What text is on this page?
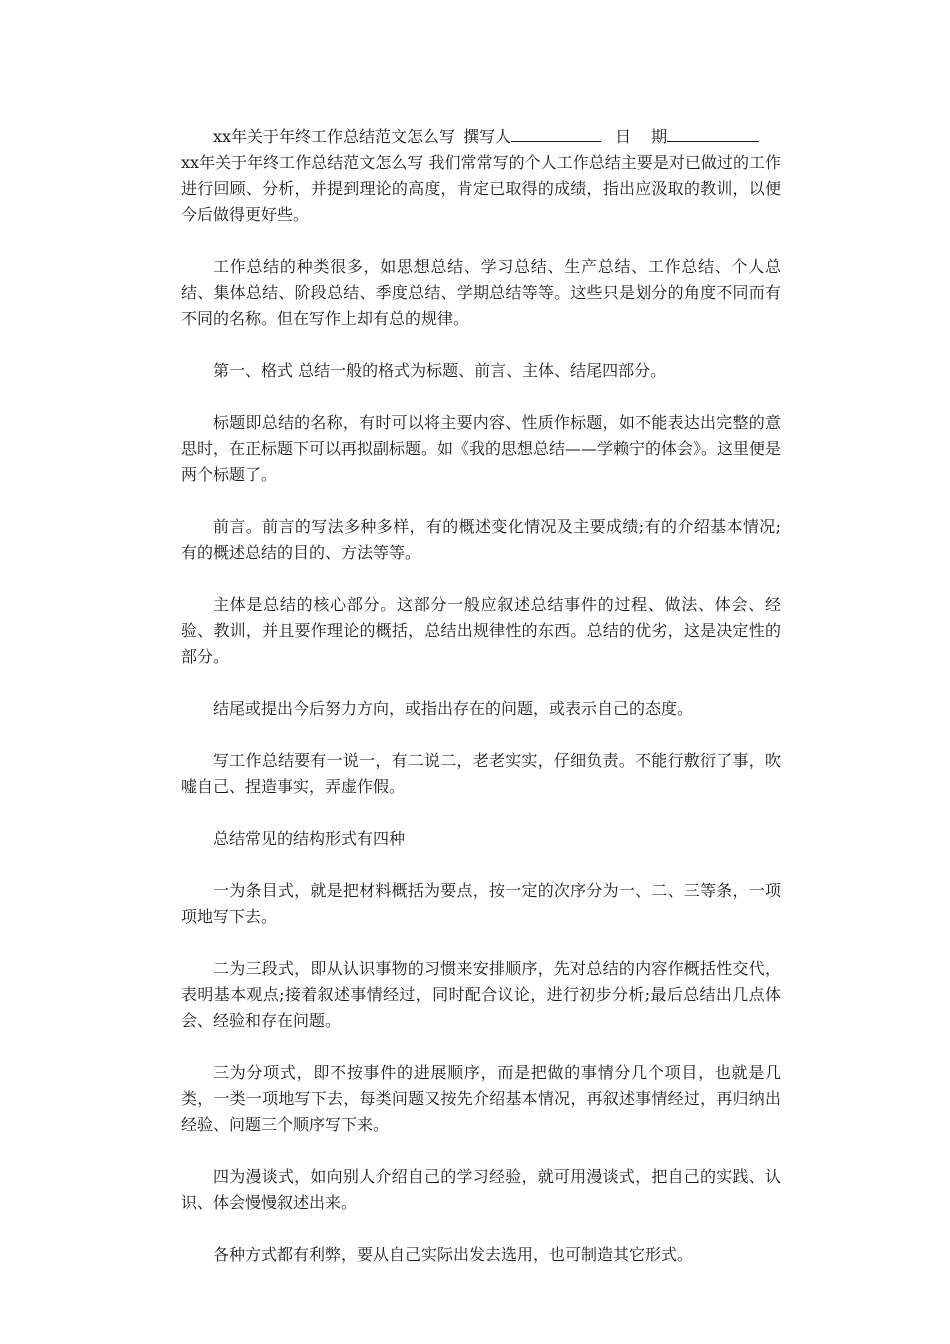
xx年关于年终工作总结范文怎么写 撰写人	日 期

xx年关于年终工作总结范文怎么写 我们常常写的个人工作总结主要是对已做过的工作进行回顾、分析，并提到理论的高度，肯定已取得的成绩，指出应汲取的教训，以便今后做得更好些。

工作总结的种类很多，如思想总结、学习总结、生产总结、工作总结、个人总结、集体总结、阶段总结、季度总结、学期总结等等。这些只是划分的角度不同而有不同的名称。但在写作上却有总的规律。

第一、格式 总结一般的格式为标题、前言、主体、结尾四部分。

标题即总结的名称，有时可以将主要内容、性质作标题，如不能表达出完整的意思时，在正标题下可以再拟副标题。如《我的思想总结——学赖宁的体会》。这里便是两个标题了。

前言。前言的写法多种多样，有的概述变化情况及主要成绩;有的介绍基本情况;有的概述总结的目的、方法等等。

主体是总结的核心部分。这部分一般应叙述总结事件的过程、做法、体会、经验、教训，并且要作理论的概括，总结出规律性的东西。总结的优劣，这是决定性的部分。

结尾或提出今后努力方向，或指出存在的问题，或表示自己的态度。

写工作总结要有一说一，有二说二，老老实实，仔细负责。不能行敷衍了事，吹嘘自己、捏造事实，弄虚作假。

总结常见的结构形式有四种

一为条目式，就是把材料概括为要点，按一定的次序分为一、二、三等条，一项项地写下去。

二为三段式，即从认识事物的习惯来安排顺序，先对总结的内容作概括性交代，表明基本观点;接着叙述事情经过，同时配合议论，进行初步分析;最后总结出几点体会、经验和存在问题。

三为分项式，即不按事件的进展顺序，而是把做的事情分几个项目，也就是几类，一类一项地写下去，每类问题又按先介绍基本情况，再叙述事情经过，再归纳出经验、问题三个顺序写下来。

四为漫谈式，如向别人介绍自己的学习经验，就可用漫谈式，把自己的实践、认识、体会慢慢叙述出来。

各种方式都有利弊，要从自己实际出发去选用，也可制造其它形式。
